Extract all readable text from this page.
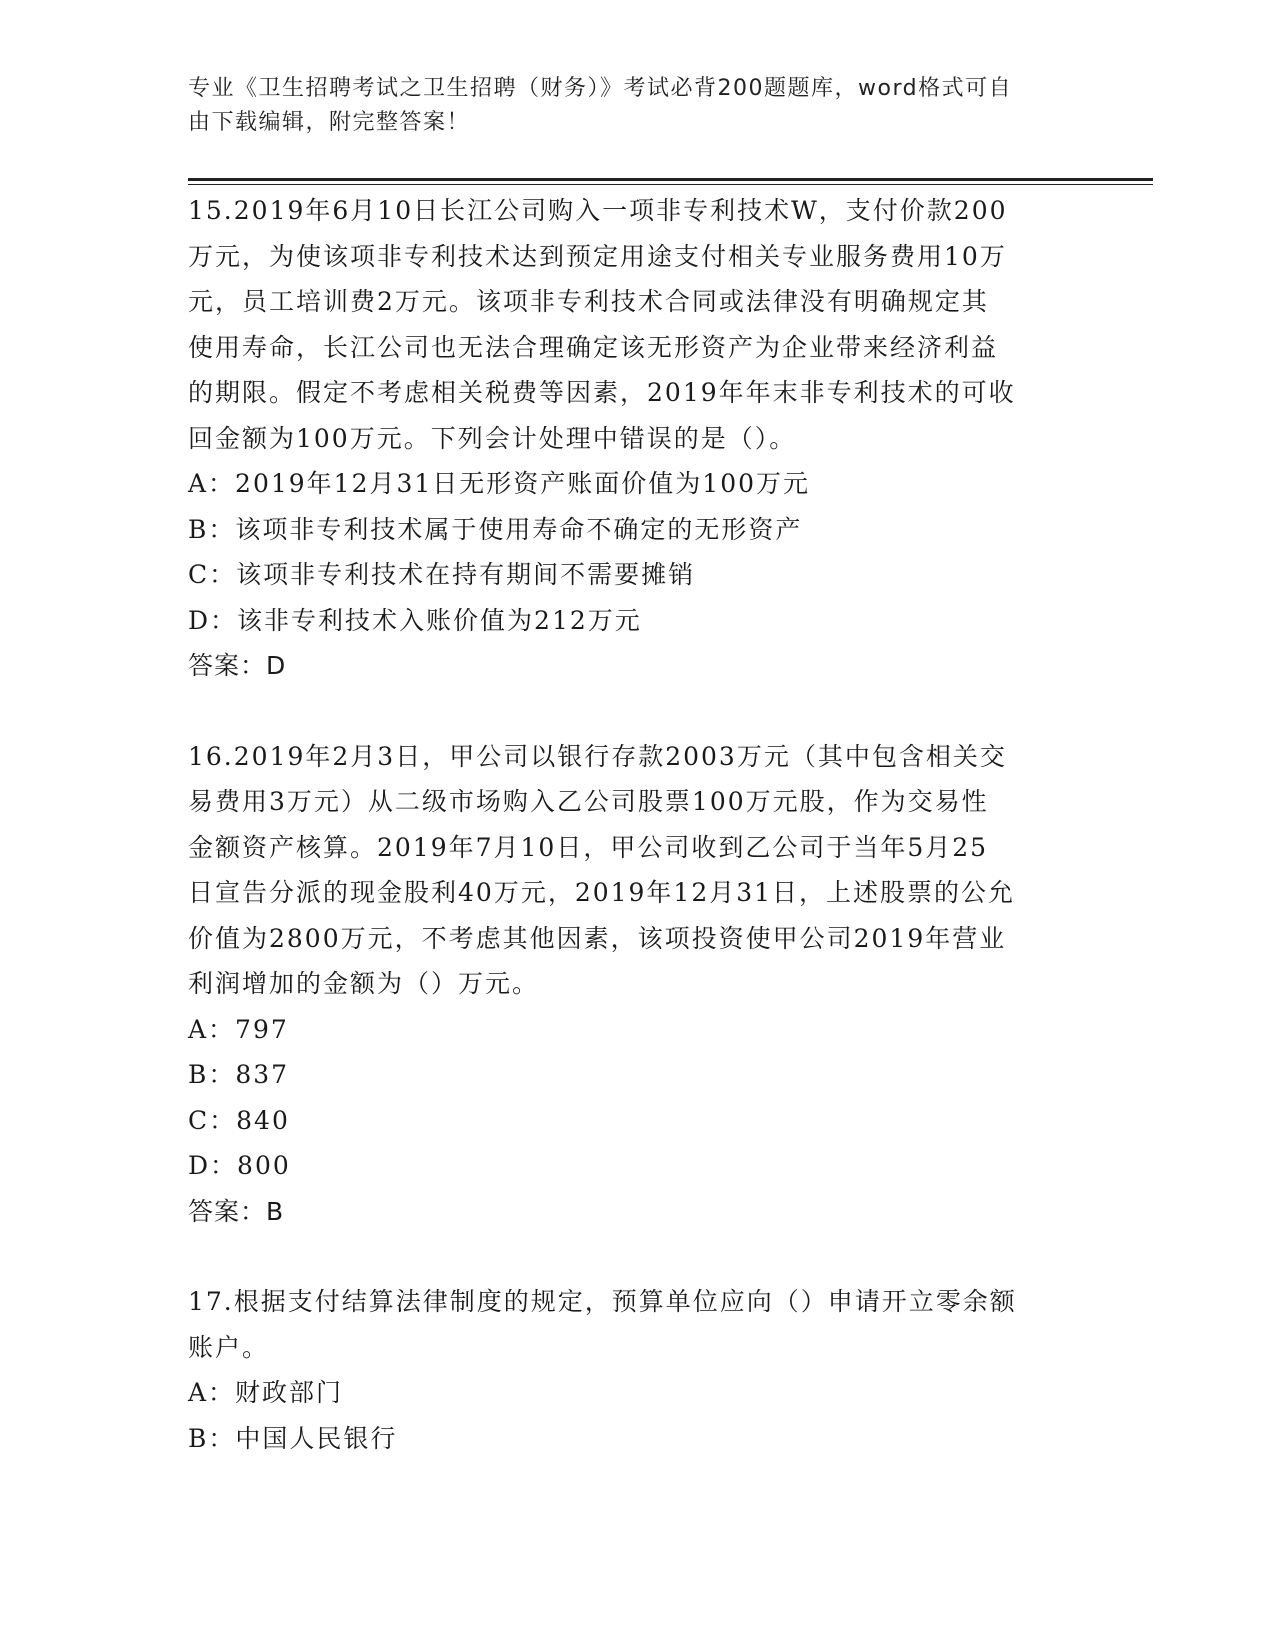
专业《卫生招聘考试之卫生招聘（财务）》考试必背200题题库，word格式可自
由下载编辑，附完整答案！
15.2019年6月10日长江公司购入一项非专利技术W，支付价款200
万元，为使该项非专利技术达到预定用途支付相关专业服务费用10万
元，员工培训费2万元。该项非专利技术合同或法律没有明确规定其
使用寿命，长江公司也无法合理确定该无形资产为企业带来经济利益
的期限。假定不考虑相关税费等因素，2019年年末非专利技术的可收
回金额为100万元。下列会计处理中错误的是（）。
A：2019年12月31日无形资产账面价值为100万元
B：该项非专利技术属于使用寿命不确定的无形资产
C：该项非专利技术在持有期间不需要摊销
D：该非专利技术入账价值为212万元
答案：D
16.2019年2月3日，甲公司以银行存款2003万元（其中包含相关交
易费用3万元）从二级市场购入乙公司股票100万元股，作为交易性
金额资产核算。2019年7月10日，甲公司收到乙公司于当年5月25
日宣告分派的现金股利40万元，2019年12月31日，上述股票的公允
价值为2800万元，不考虑其他因素，该项投资使甲公司2019年营业
利润增加的金额为（）万元。
A：797
B：837
C：840
D：800
答案：B
17.根据支付结算法律制度的规定，预算单位应向（）申请开立零余额
账户。
A：财政部门
B：中国人民银行
